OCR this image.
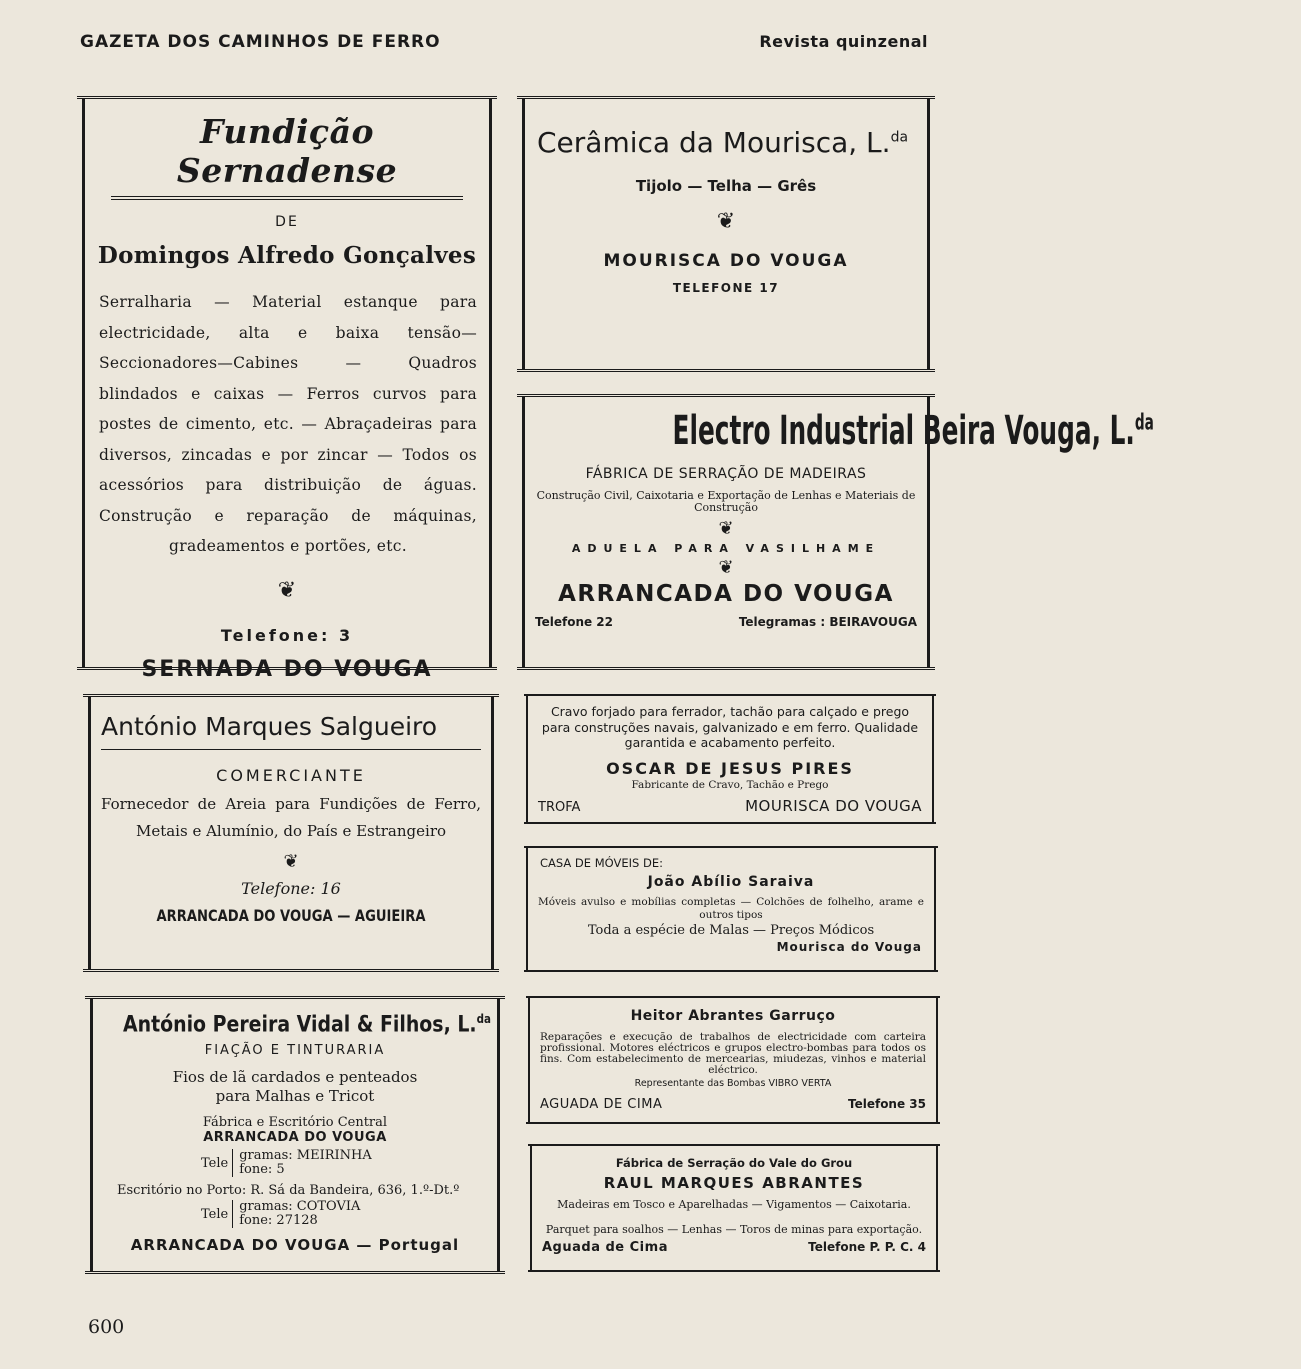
GAZETA DOS CAMINHOS DE FERRO	Revista quinzenal
Fundição Sernadense
DE
Domingos Alfredo Gonçalves
Serralharia — Material estanque para electricidade, alta e baixa tensão—Seccionadores—Cabines — Quadros blindados e caixas — Ferros curvos para postes de cimento, etc. — Abraçadeiras para diversos, zincadas e por zincar — Todos os acessórios para distribuição de águas. Construção e reparação de máquinas, gradeamentos e portões, etc.
❦
Telefone: 3
SERNADA DO VOUGA
Cerâmica da Mourisca, L.$^{da}$
Tijolo — Telha — Grês
❦
MOURISCA DO VOUGA
TELEFONE 17
Electro Industrial Beira Vouga, L.$^{da}$
FÁBRICA DE SERRAÇÃO DE MADEIRAS
Construção Civil, Caixotaria e Exportação de Lenhas e Materiais de Construção
❦
ADUELA PARA VASILHAME
❦
ARRANCADA DO VOUGA
Telefone 22	Telegramas : BEIRAVOUGA
António Marques Salgueiro
COMERCIANTE
Fornecedor de Areia para Fundições de Ferro, Metais e Alumínio, do País e Estrangeiro
❦
Telefone: 16
ARRANCADA DO VOUGA — AGUIEIRA
Cravo forjado para ferrador, tachão para calçado e prego para construções navais, galvanizado e em ferro. Qualidade garantida e acabamento perfeito.
OSCAR DE JESUS PIRES
Fabricante de Cravo, Tachão e Prego
TROFA	MOURISCA DO VOUGA
CASA DE MÓVEIS DE:
João Abílio Saraiva
Móveis avulso e mobílias completas — Colchões de folhelho, arame e outros tipos
Toda a espécie de Malas — Preços Módicos
Mourisca do Vouga
António Pereira Vidal & Filhos, L.$^{da}$
FIAÇÃO E TINTURARIA
Fios de lã cardados e penteados
para Malhas e Tricot
Fábrica e Escritório Central
ARRANCADA DO VOUGA
Tele gramas: MEIRINHA
fone: 5
Escritório no Porto: R. Sá da Bandeira, 636, 1.º-Dt.º
Tele gramas: COTOVIA
fone: 27128
ARRANCADA DO VOUGA — Portugal
Heitor Abrantes Garruço
Reparações e execução de trabalhos de electricidade com carteira profissional. Motores eléctricos e grupos electro-bombas para todos os fins. Com estabelecimento de mercearias, miudezas, vinhos e material eléctrico.
Representante das Bombas VIBRO VERTA
AGUADA DE CIMA	Telefone 35
Fábrica de Serração do Vale do Grou
RAUL MARQUES ABRANTES
Madeiras em Tosco e Aparelhadas — Vigamentos — Caixotaria.
Parquet para soalhos — Lenhas — Toros de minas para exportação.
Aguada de Cima	Telefone P. P. C. 4
600
